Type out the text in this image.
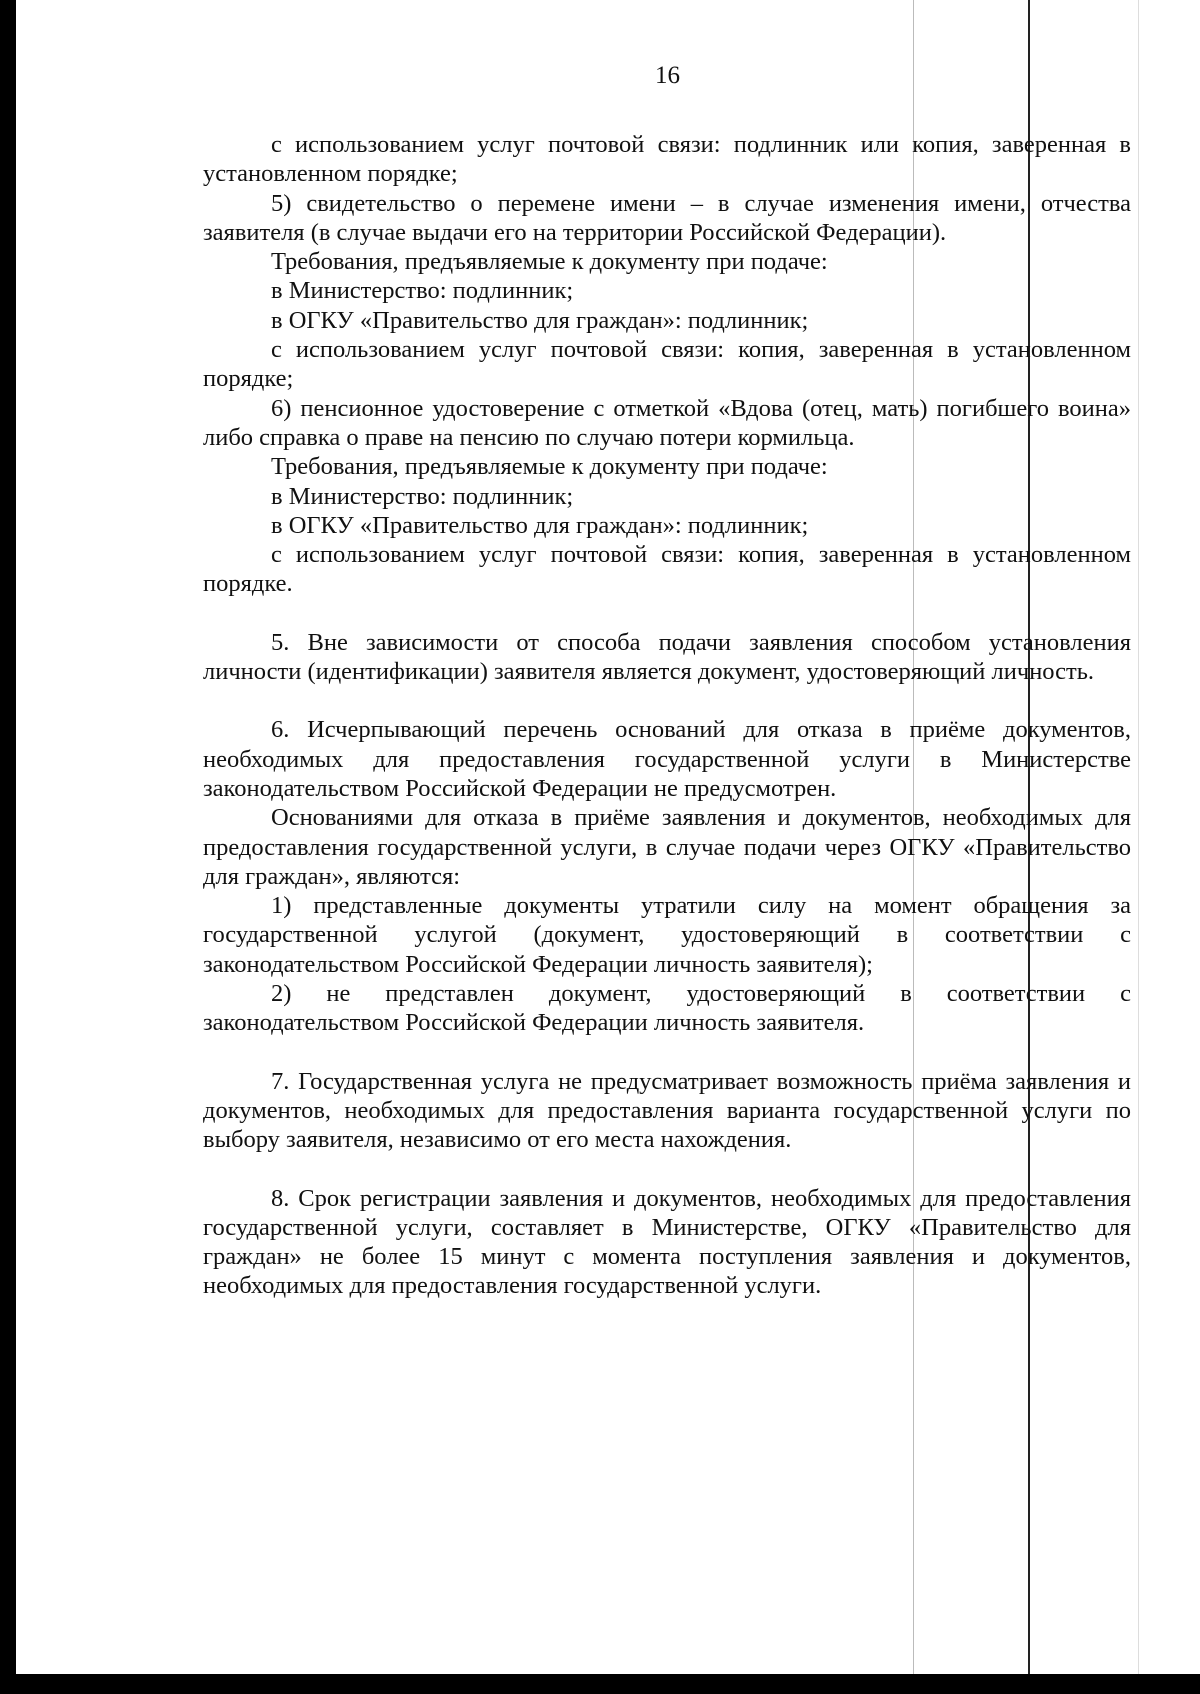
16

с использованием услуг почтовой связи: подлинник или копия, заверенная в установленном порядке;

5) свидетельство о перемене имени – в случае изменения имени, отчества заявителя (в случае выдачи его на территории Российской Федерации).

Требования, предъявляемые к документу при подаче:

в Министерство: подлинник;

в ОГКУ «Правительство для граждан»: подлинник;

с использованием услуг почтовой связи: копия, заверенная в установленном порядке;

6) пенсионное удостоверение с отметкой «Вдова (отец, мать) погибшего воина» либо справка о праве на пенсию по случаю потери кормильца.

Требования, предъявляемые к документу при подаче:

в Министерство: подлинник;

в ОГКУ «Правительство для граждан»: подлинник;

с использованием услуг почтовой связи: копия, заверенная в установленном порядке.

5. Вне зависимости от способа подачи заявления способом установления личности (идентификации) заявителя является документ, удостоверяющий личность.

6. Исчерпывающий перечень оснований для отказа в приёме документов, необходимых для предоставления государственной услуги в Министерстве законодательством Российской Федерации не предусмотрен.

Основаниями для отказа в приёме заявления и документов, необходимых для предоставления государственной услуги, в случае подачи через ОГКУ «Правительство для граждан», являются:

1) представленные документы утратили силу на момент обращения за государственной услугой (документ, удостоверяющий в соответствии с законодательством Российской Федерации личность заявителя);

2) не представлен документ, удостоверяющий в соответствии с законодательством Российской Федерации личность заявителя.

7. Государственная услуга не предусматривает возможность приёма заявления и документов, необходимых для предоставления варианта государственной услуги по выбору заявителя, независимо от его места нахождения.

8. Срок регистрации заявления и документов, необходимых для предоставления государственной услуги, составляет в Министерстве, ОГКУ «Правительство для граждан» не более 15 минут с момента поступления заявления и документов, необходимых для предоставления государственной услуги.
